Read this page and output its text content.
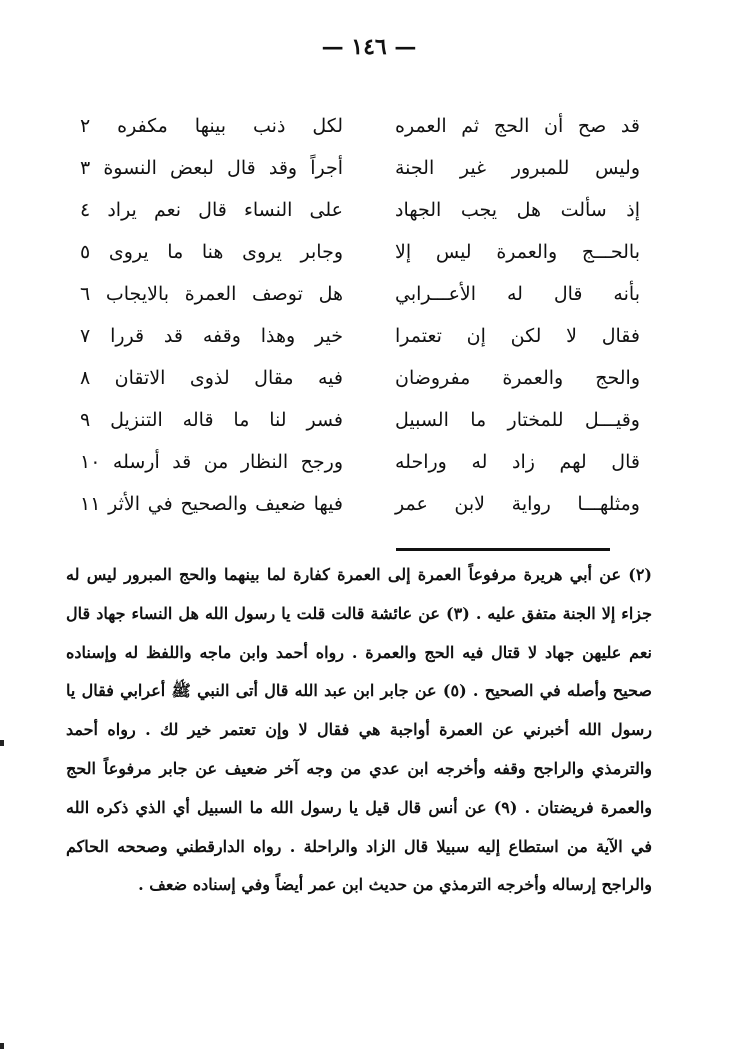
— ١٤٦ —
قد صح أن الحج ثم العمره
لكل ذنب بينها مكفره ٢
وليس للمبرور غير الجنة
أجراً وقد قال لبعض النسوة ٣
إذ سألت هل يجب الجهاد
على النساء قال نعم يراد ٤
بالحـــج والعمرة ليس إلا
وجابر يروى هنا ما يروى ٥
بأنه قال له الأعـــرابي
هل توصف العمرة بالايجاب ٦
فقال لا لكن إن تعتمرا
خير وهذا وقفه قد قررا ٧
والحج والعمرة مفروضان
فيه مقال لذوى الاتقان ٨
وقيـــل للمختار ما السبيل
فسر لنا ما قاله التنزيل ٩
قال لهم زاد له وراحله
ورجح النظار من قد أرسله ١٠
ومثلهـــا رواية لابن عمر
فيها ضعيف والصحيح في الأثر ١١
(٢) عن أبي هريرة مرفوعاً العمرة إلى العمرة كفارة لما بينهما والحج المبرور ليس له جزاء إلا الجنة متفق عليه . (٣) عن عائشة قالت قلت يا رسول الله هل النساء جهاد قال نعم عليهن جهاد لا قتال فيه الحج والعمرة . رواه أحمد وابن ماجه واللفظ له وإسناده صحيح وأصله في الصحيح . (٥) عن جابر ابن عبد الله قال أتى النبي ﷺ أعرابي فقال يا رسول الله أخبرني عن العمرة أواجبة هي فقال لا وإن تعتمر خير لك . رواه أحمد والترمذي والراجح وقفه وأخرجه ابن عدي من وجه آخر ضعيف عن جابر مرفوعاً الحج والعمرة فريضتان . (٩) عن أنس قال قيل يا رسول الله ما السبيل أي الذي ذكره الله في الآية من استطاع إليه سبيلا قال الزاد والراحلة . رواه الدارقطني وصححه الحاكم والراجح إرساله وأخرجه الترمذي من حديث ابن عمر أيضاً وفي إسناده ضعف .
